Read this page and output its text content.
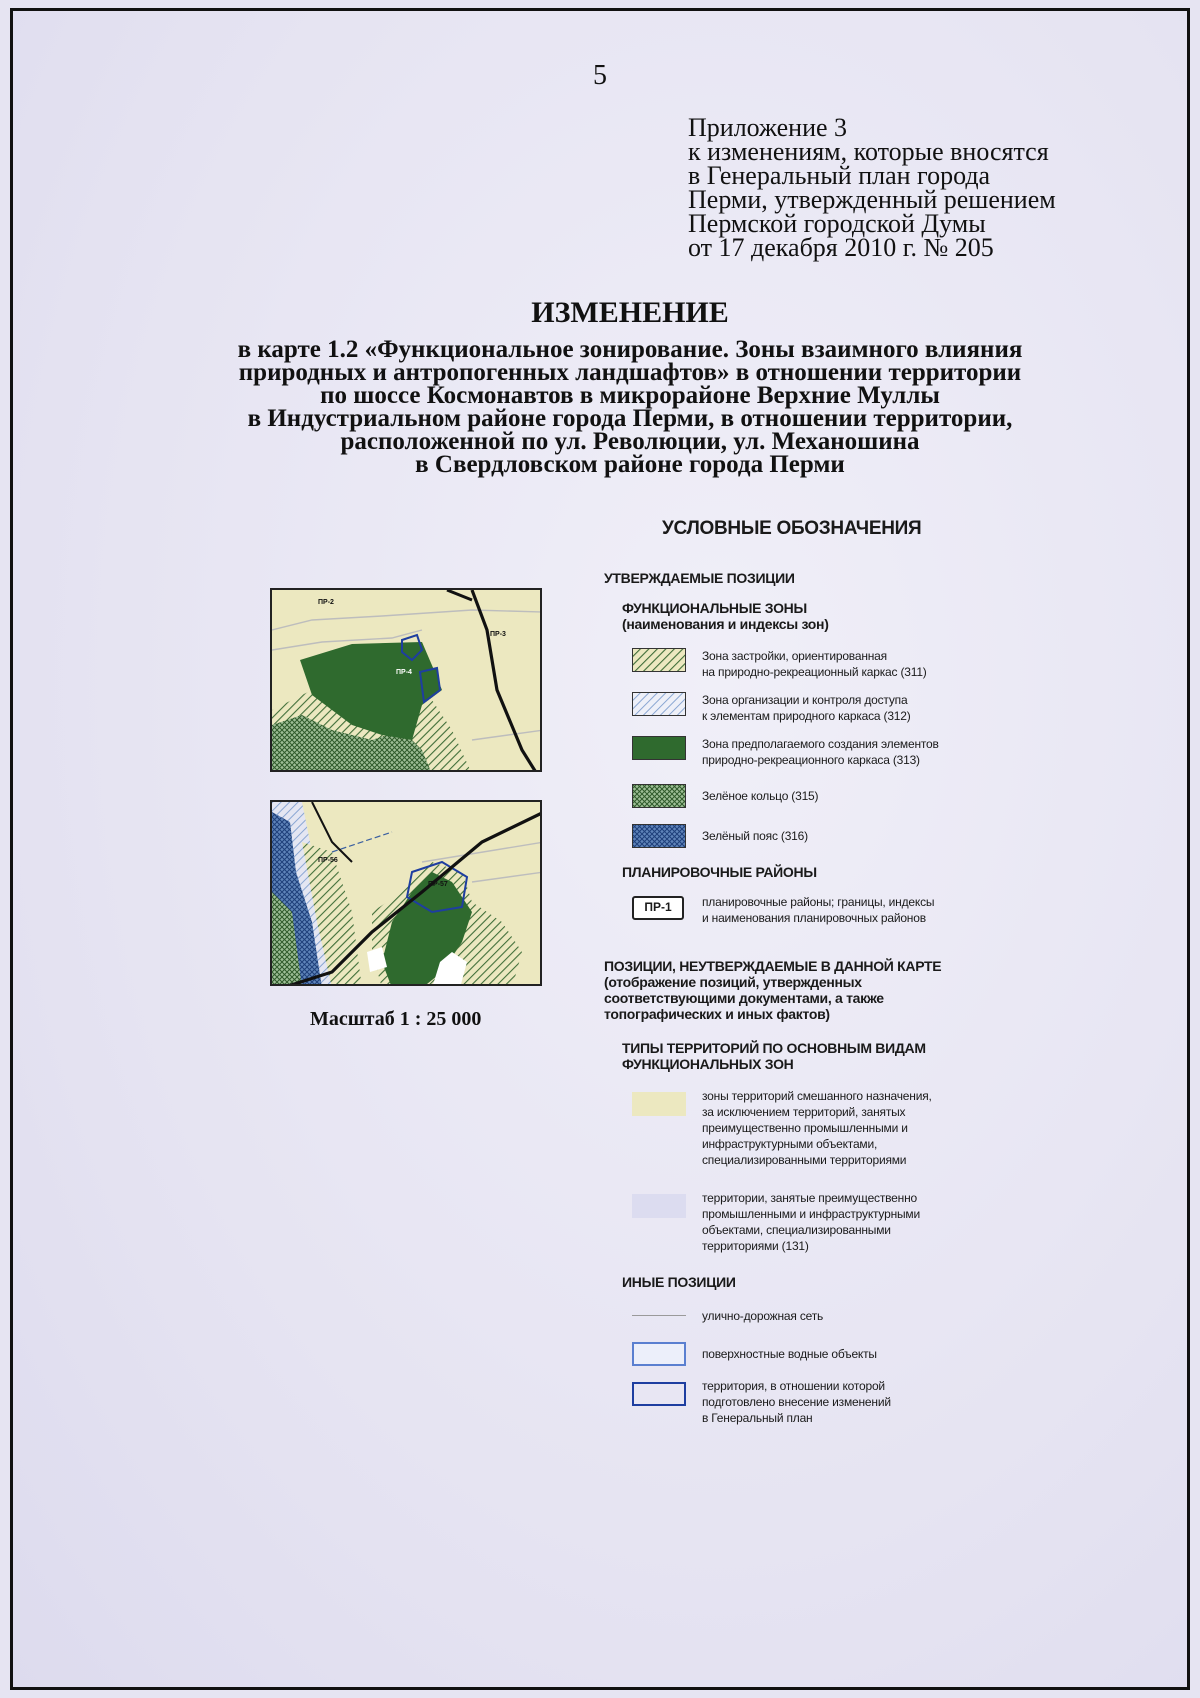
5
Приложение 3
к изменениям, которые вносятся
в Генеральный план города
Перми, утвержденный решением
Пермской городской Думы
от 17 декабря 2010 г. № 205
ИЗМЕНЕНИЕ
в карте 1.2 «Функциональное зонирование. Зоны взаимного влияния
природных и антропогенных ландшафтов» в отношении территории
по шоссе Космонавтов в микрорайоне Верхние Муллы
в Индустриальном районе города Перми, в отношении территории,
расположенной по ул. Революции, ул. Механошина
в Свердловском районе города Перми
ПР-2
ПР-3
ПР-4
ПР-56
ПР-57
Масштаб 1 : 25 000
УСЛОВНЫЕ ОБОЗНАЧЕНИЯ
УТВЕРЖДАЕМЫЕ ПОЗИЦИИ
ФУНКЦИОНАЛЬНЫЕ ЗОНЫ
(наименования и индексы зон)
Зона застройки, ориентированная
на природно-рекреационный каркас (311)
Зона организации и контроля доступа
к элементам природного каркаса (312)
Зона предполагаемого создания элементов
природно-рекреационного каркаса (313)
Зелёное кольцо (315)
Зелёный пояс (316)
ПЛАНИРОВОЧНЫЕ РАЙОНЫ
ПР-1	планировочные районы; границы, индексы
и наименования планировочных районов
ПОЗИЦИИ, НЕУТВЕРЖДАЕМЫЕ В ДАННОЙ КАРТЕ
(отображение позиций, утвержденных
соответствующими документами, а также
топографических и иных фактов)
ТИПЫ ТЕРРИТОРИЙ ПО ОСНОВНЫМ ВИДАМ
ФУНКЦИОНАЛЬНЫХ ЗОН
зоны территорий смешанного назначения,
за исключением территорий, занятых
преимущественно промышленными и
инфраструктурными объектами,
специализированными территориями
территории, занятые преимущественно
промышленными и инфраструктурными
объектами, специализированными
территориями (131)
ИНЫЕ ПОЗИЦИИ
улично-дорожная сеть
поверхностные водные объекты
территория, в отношении которой
подготовлено внесение изменений
в Генеральный план
